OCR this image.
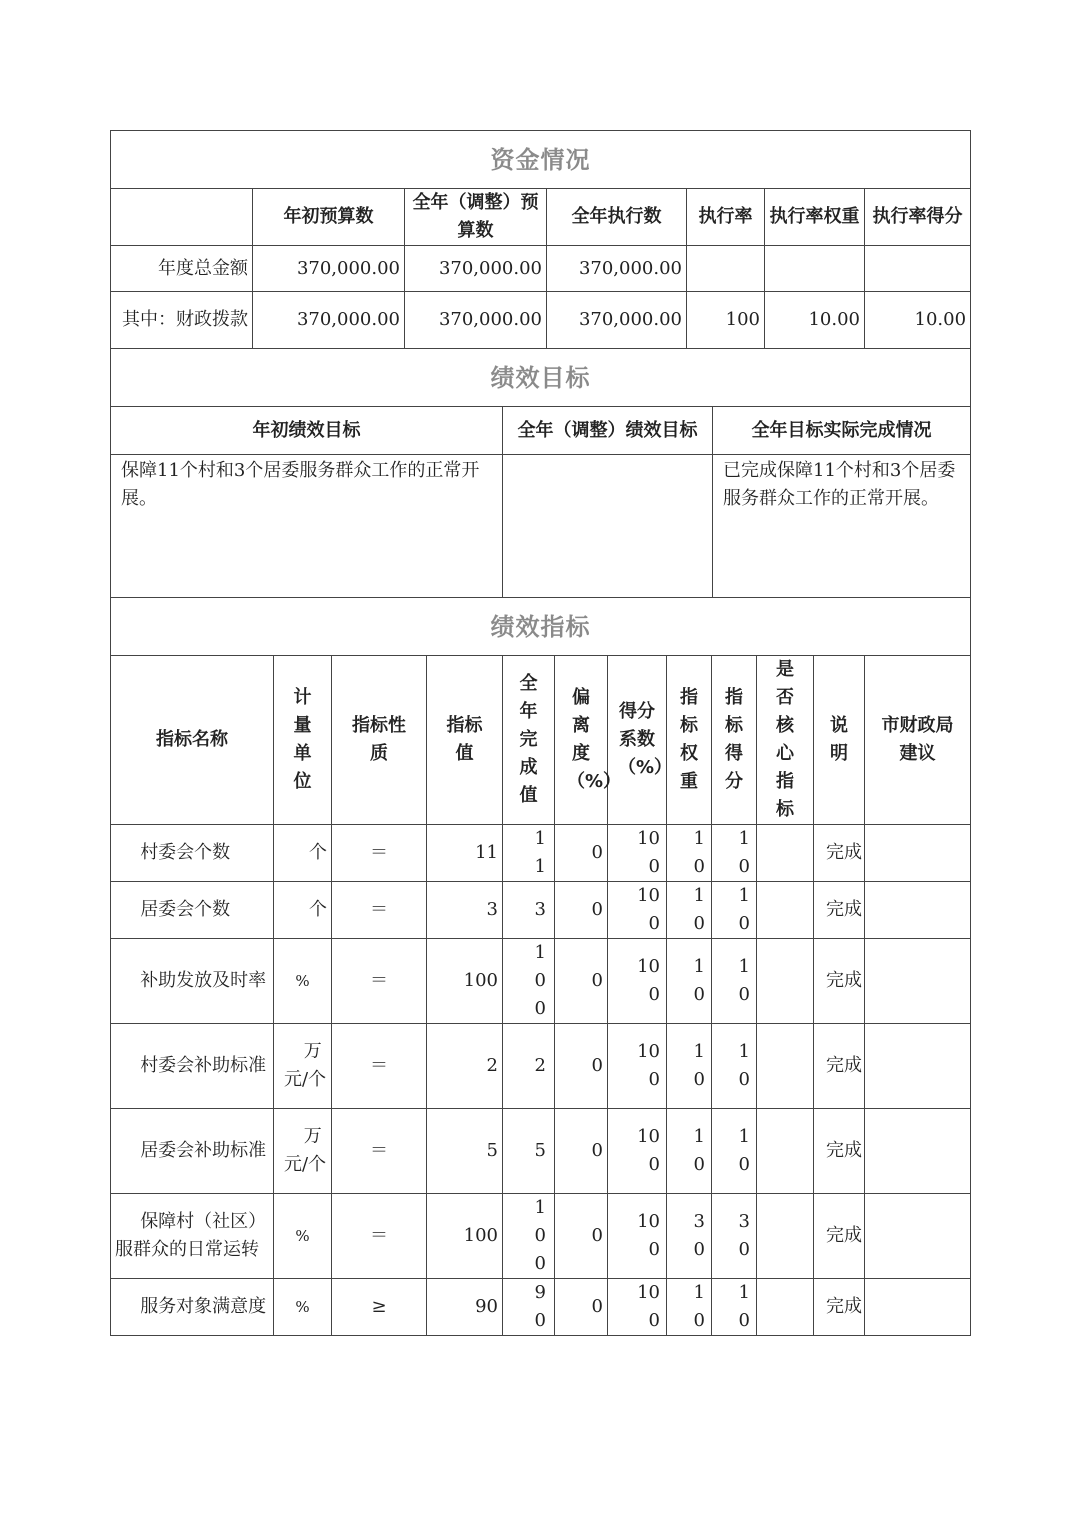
资金情况						
	年初预算数	全年（调整）预算数	全年执行数	执行率	执行率权重	执行率得分
年度总金额	370,000.00	370,000.00	370,000.00			
其中：财政拨款	370,000.00	370,000.00	370,000.00	100	10.00	10.00
绩效目标		
年初绩效目标	全年（调整）绩效目标	全年目标实际完成情况
保障11个村和3个居委服务群众工作的正常开展。		已完成保障11个村和3个居委服务群众工作的正常开展。
绩效指标											
指标名称	计量单位	指标性质	指标值	全年完成值	偏离度（%）	得分系数（%）	指标权重	指标得分	是否核心指标	说明	市财政局建议
村委会个数	个	＝	11	11	0	100	10	10		完成	
居委会个数	个	＝	3	3	0	100	10	10		完成	
补助发放及时率	%	＝	100	100	0	100	10	10		完成	
村委会补助标准	万元/个	＝	2	2	0	100	10	10		完成	
居委会补助标准	万元/个	＝	5	5	0	100	10	10		完成	
保障村（社区）服群众的日常运转	%	＝	100	100	0	100	30	30		完成	
服务对象满意度	%	≥	90	90	0	100	10	10		完成	
